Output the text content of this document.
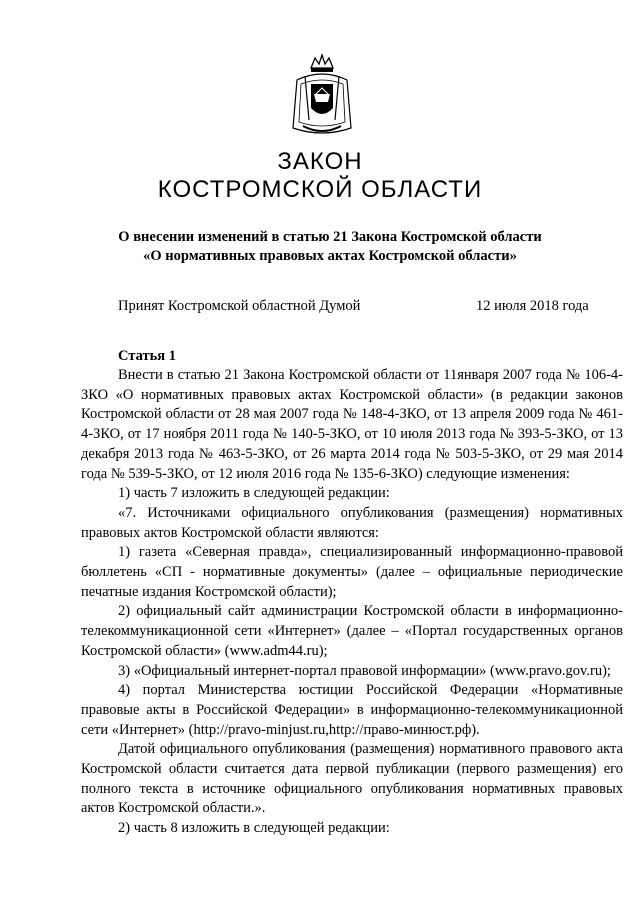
ЗАКОН
КОСТРОМСКОЙ ОБЛАСТИ
О внесении изменений в статью 21 Закона Костромской области
«О нормативных правовых актах Костромской области»
Принят Костромской областной Думой	12 июля 2018 года
Статья 1

Внести в статью 21 Закона Костромской области от 11января 2007 года № 106-4-ЗКО «О нормативных правовых актах Костромской области» (в редакции законов Костромской области от 28 мая 2007 года № 148-4-ЗКО, от 13 апреля 2009 года № 461-4-ЗКО, от 17 ноября 2011 года № 140-5-ЗКО, от 10 июля 2013 года № 393-5-ЗКО, от 13 декабря 2013 года № 463-5-ЗКО, от 26 марта 2014 года № 503-5-ЗКО, от 29 мая 2014 года № 539-5-ЗКО, от 12 июля 2016 года № 135-6-ЗКО) следующие изменения:

1) часть 7 изложить в следующей редакции:

«7. Источниками официального опубликования (размещения) нормативных правовых актов Костромской области являются:

1) газета «Северная правда», специализированный информационно-правовой бюллетень «СП - нормативные документы» (далее – официальные периодические печатные издания Костромской области);

2) официальный сайт администрации Костромской области в информационно-телекоммуникационной сети «Интернет» (далее – «Портал государственных органов Костромской области» (www.adm44.ru);

3) «Официальный интернет-портал правовой информации» (www.pravo.gov.ru);

4) портал Министерства юстиции Российской Федерации «Нормативные правовые акты в Российской Федерации» в информационно-телекоммуникационной сети «Интернет» (http://pravo-minjust.ru,http://право-минюст.рф).

Датой официального опубликования (размещения) нормативного правового акта Костромской области считается дата первой публикации (первого размещения) его полного текста в источнике официального опубликования нормативных правовых актов Костромской области.».

2) часть 8 изложить в следующей редакции:
